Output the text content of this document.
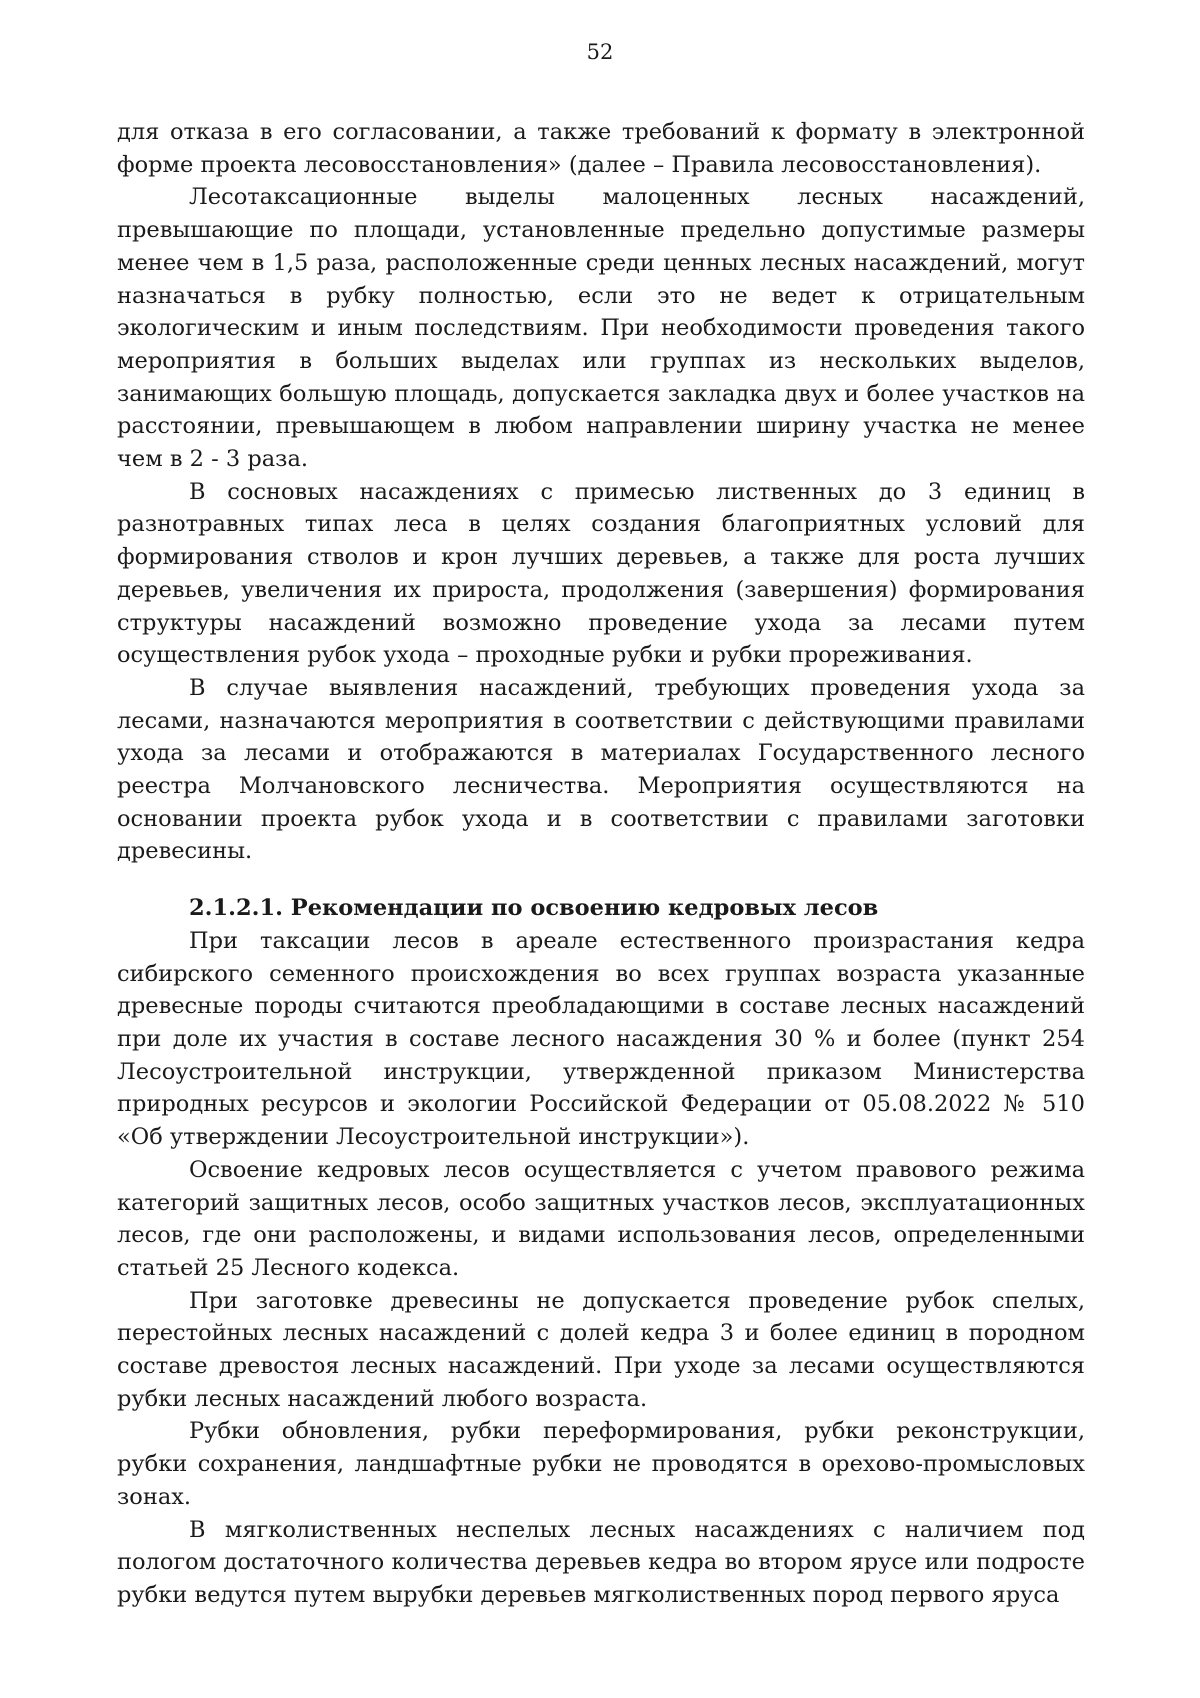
52

для отказа в его согласовании, а также требований к формату в электронной форме проекта лесовосстановления» (далее – Правила лесовосстановления).

Лесотаксационные выделы малоценных лесных насаждений, превышающие по площади, установленные предельно допустимые размеры менее чем в 1,5 раза, расположенные среди ценных лесных насаждений, могут назначаться в рубку полностью, если это не ведет к отрицательным экологическим и иным последствиям. При необходимости проведения такого мероприятия в больших выделах или группах из нескольких выделов, занимающих большую площадь, допускается закладка двух и более участков на расстоянии, превышающем в любом направлении ширину участка не менее чем в 2 - 3 раза.

В сосновых насаждениях с примесью лиственных до 3 единиц в разнотравных типах леса в целях создания благоприятных условий для формирования стволов и крон лучших деревьев, а также для роста лучших деревьев, увеличения их прироста, продолжения (завершения) формирования структуры насаждений возможно проведение ухода за лесами путем осуществления рубок ухода – проходные рубки и рубки прореживания.

В случае выявления насаждений, требующих проведения ухода за лесами, назначаются мероприятия в соответствии с действующими правилами ухода за лесами и отображаются в материалах Государственного лесного реестра Молчановского лесничества. Мероприятия осуществляются на основании проекта рубок ухода и в соответствии с правилами заготовки древесины.

2.1.2.1. Рекомендации по освоению кедровых лесов

При таксации лесов в ареале естественного произрастания кедра сибирского семенного происхождения во всех группах возраста указанные древесные породы считаются преобладающими в составе лесных насаждений при доле их участия в составе лесного насаждения 30 % и более (пункт 254 Лесоустроительной инструкции, утвержденной приказом Министерства природных ресурсов и экологии Российской Федерации от 05.08.2022 № 510 «Об утверждении Лесоустроительной инструкции»).

Освоение кедровых лесов осуществляется с учетом правового режима категорий защитных лесов, особо защитных участков лесов, эксплуатационных лесов, где они расположены, и видами использования лесов, определенными статьей 25 Лесного кодекса.

При заготовке древесины не допускается проведение рубок спелых, перестойных лесных насаждений с долей кедра 3 и более единиц в породном составе древостоя лесных насаждений. При уходе за лесами осуществляются рубки лесных насаждений любого возраста.

Рубки обновления, рубки переформирования, рубки реконструкции, рубки сохранения, ландшафтные рубки не проводятся в орехово-промысловых зонах.

В мягколиственных неспелых лесных насаждениях с наличием под пологом достаточного количества деревьев кедра во втором ярусе или подросте рубки ведутся путем вырубки деревьев мягколиственных пород первого яруса
